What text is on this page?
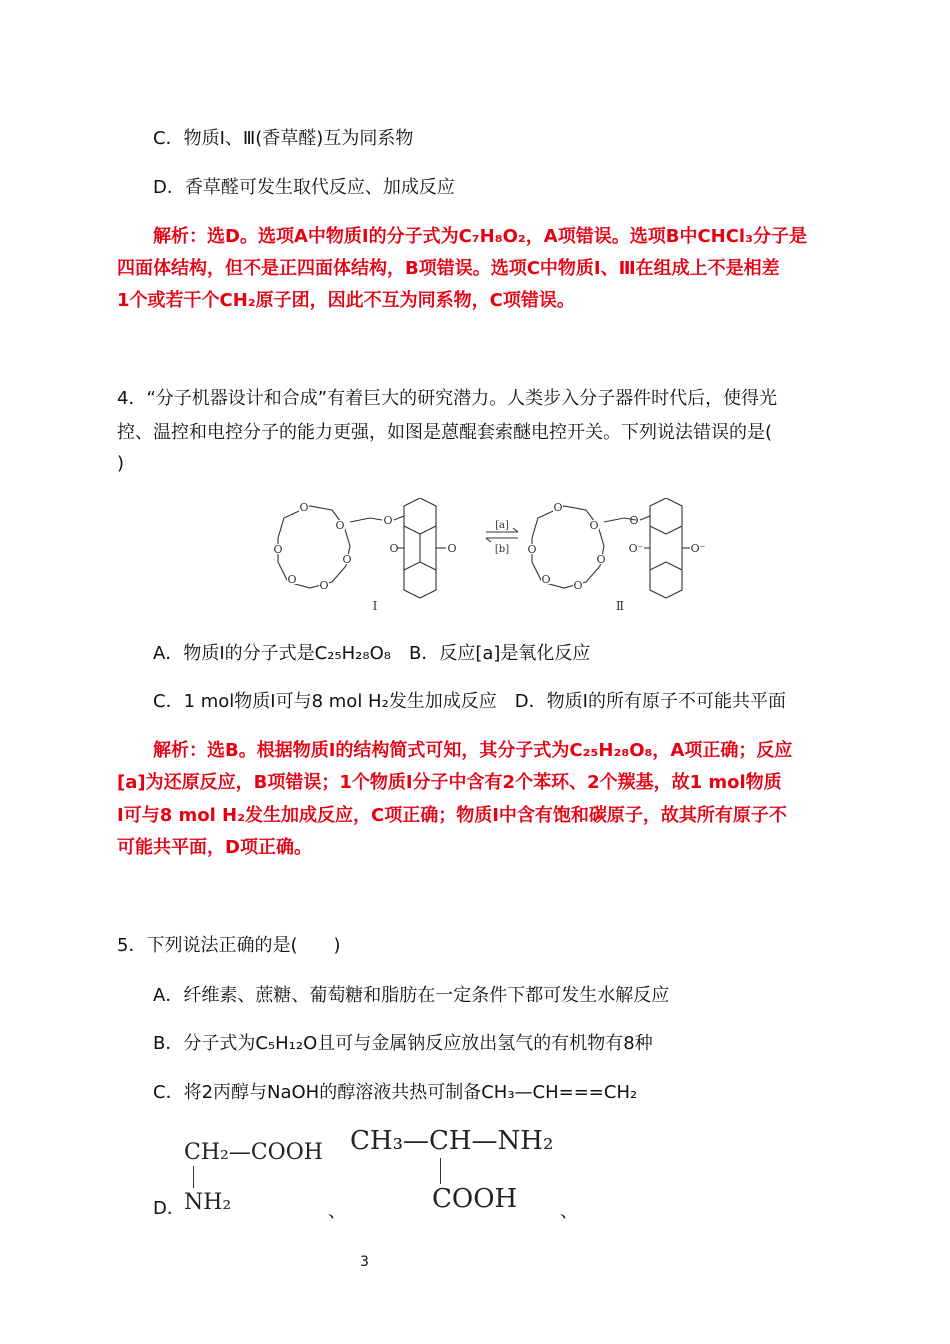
C．物质Ⅰ、Ⅲ(香草醛)互为同系物
D．香草醛可发生取代反应、加成反应
解析：选D。选项A中物质Ⅰ的分子式为C₇H₈O₂，A项错误。选项B中CHCl₃分子是
四面体结构，但不是正四面体结构，B项错误。选项C中物质Ⅰ、Ⅲ在组成上不是相差
1个或若干个CH₂原子团，因此不互为同系物，C项错误。
4．“分子机器设计和合成”有着巨大的研究潜力。人类步入分子器件时代后，使得光
控、温控和电控分子的能力更强，如图是蒽醌套索醚电控开关。下列说法错误的是(
)
O
O
O
O
O
O
O
O	O
Ⅰ
[a]
[b]
O
O
O
O
O
O
O
O⁻	O⁻
Ⅱ
A．物质Ⅰ的分子式是C₂₅H₂₈O₈　B．反应[a]是氧化反应
C．1 mol物质Ⅰ可与8 mol H₂发生加成反应　D．物质Ⅰ的所有原子不可能共平面
解析：选B。根据物质Ⅰ的结构简式可知，其分子式为C₂₅H₂₈O₈，A项正确；反应
[a]为还原反应，B项错误；1个物质Ⅰ分子中含有2个苯环、2个羰基，故1 mol物质
Ⅰ可与8 mol H₂发生加成反应，C项正确；物质Ⅰ中含有饱和碳原子，故其所有原子不
可能共平面，D项正确。
5．下列说法正确的是(　　)
A．纤维素、蔗糖、葡萄糖和脂肪在一定条件下都可发生水解反应
B．分子式为C₅H₁₂O且可与金属钠反应放出氢气的有机物有8种
C．将2丙醇与NaOH的醇溶液共热可制备CH₃—CH===CH₂
D．
CH₂—COOH
NH₂	、
CH₃—CH—NH₂
COOH 、
3
